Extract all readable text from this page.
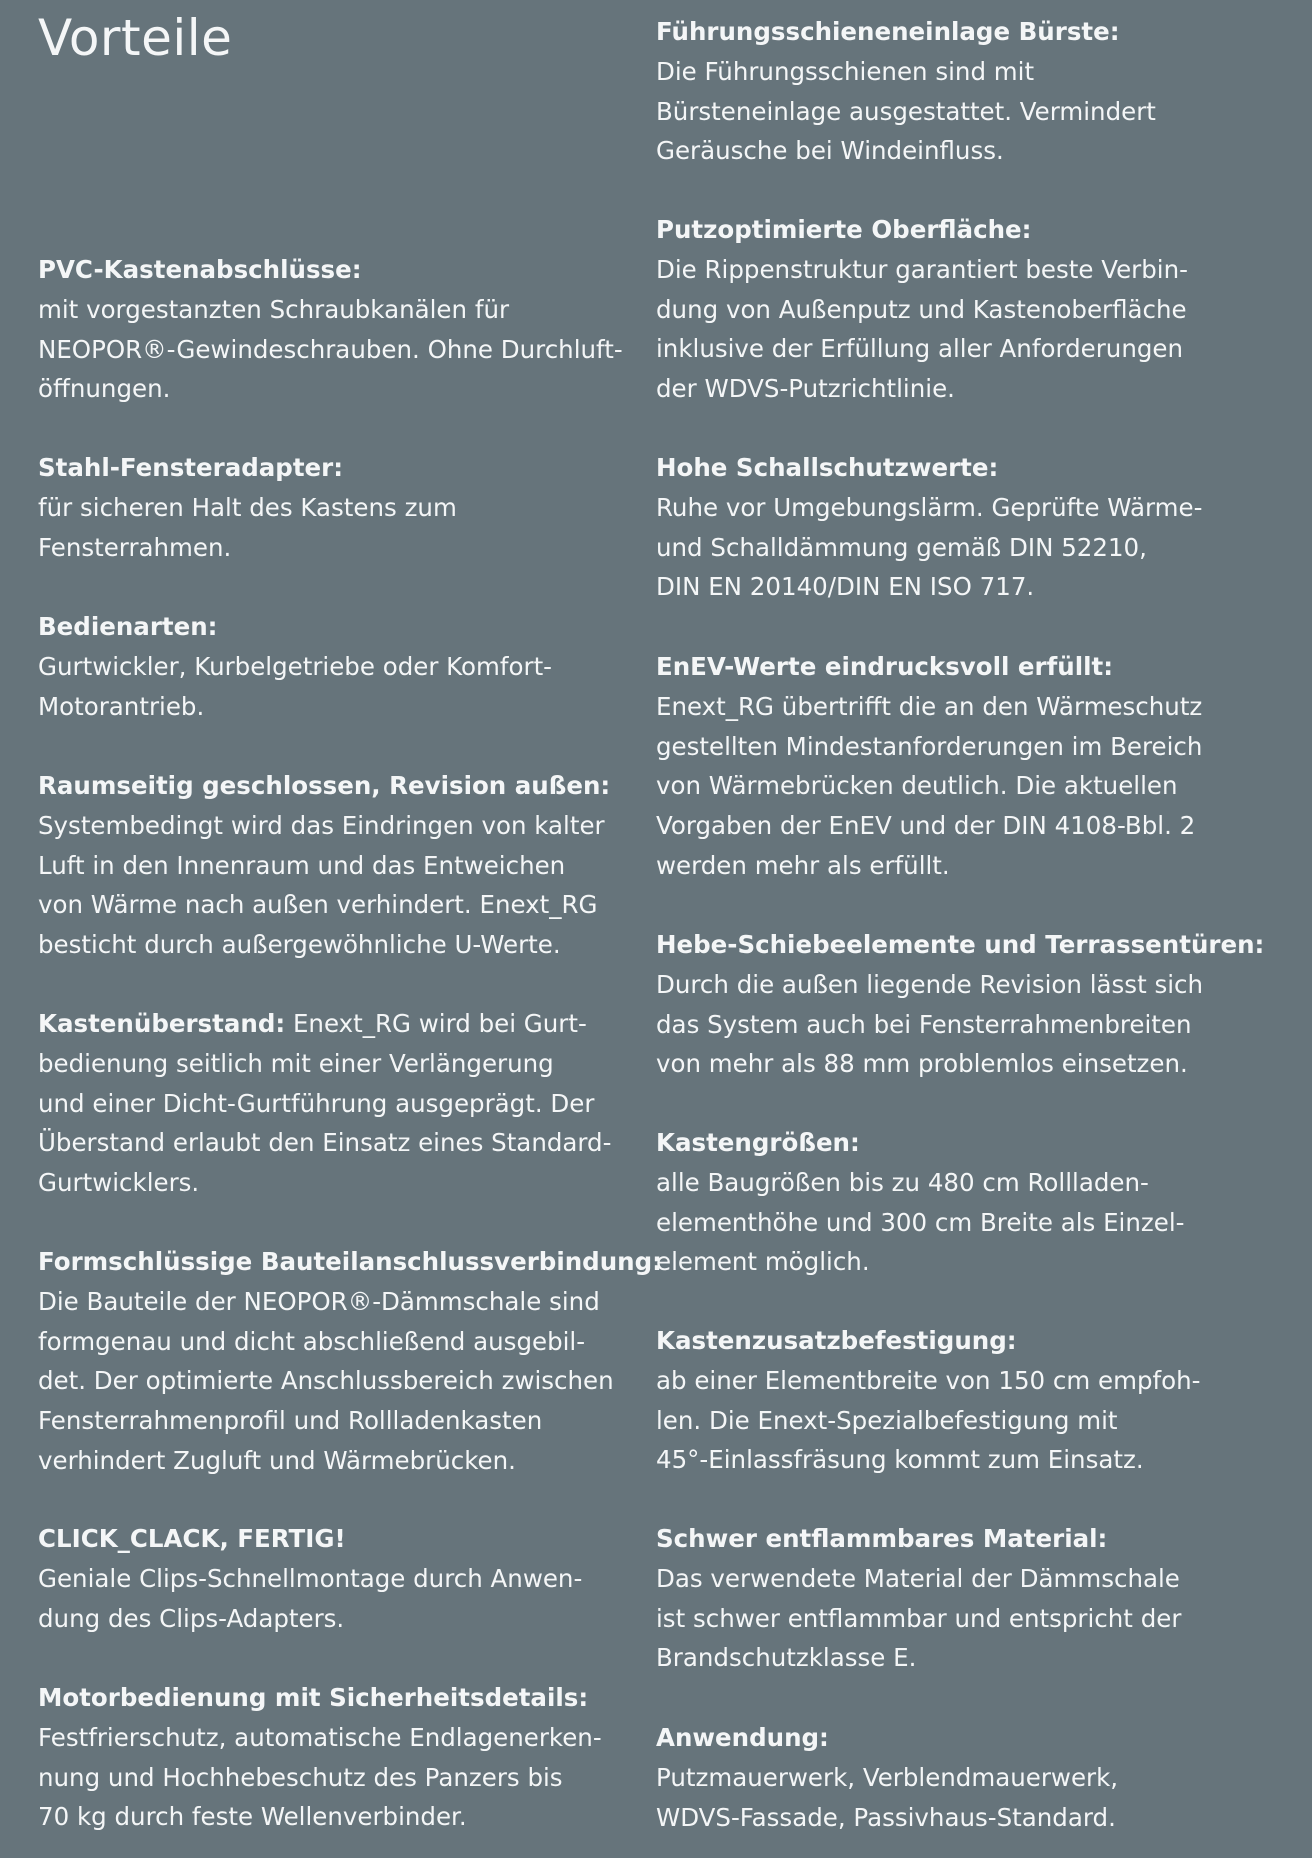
Vorteile
PVC-Kastenabschlüsse:
mit vorgestanzten Schraubkanälen für
NEOPOR®-Gewindeschrauben. Ohne Durchluft-
öffnungen.
Stahl-Fensteradapter:
für sicheren Halt des Kastens zum
Fensterrahmen.
Bedienarten:
Gurtwickler, Kurbelgetriebe oder Komfort-
Motorantrieb.
Raumseitig geschlossen, Revision außen:
Systembedingt wird das Eindringen von kalter
Luft in den Innenraum und das Entweichen
von Wärme nach außen verhindert. Enext_RG
besticht durch außergewöhnliche U-Werte.
Kastenüberstand: Enext_RG wird bei Gurt-
bedienung seitlich mit einer Verlängerung
und einer Dicht-Gurtführung ausgeprägt. Der
Überstand erlaubt den Einsatz eines Standard-
Gurtwicklers.
Formschlüssige Bauteilanschlussverbindung:
Die Bauteile der NEOPOR®-Dämmschale sind
formgenau und dicht abschließend ausgebil-
det. Der optimierte Anschlussbereich zwischen
Fensterrahmenprofil und Rollladenkasten
verhindert Zugluft und Wärmebrücken.
CLICK_CLACK, FERTIG!
Geniale Clips-Schnellmontage durch Anwen-
dung des Clips-Adapters.
Motorbedienung mit Sicherheitsdetails:
Festfrierschutz, automatische Endlagenerken-
nung und Hochhebeschutz des Panzers bis
70 kg durch feste Wellenverbinder.
Führungsschieneneinlage Bürste:
Die Führungsschienen sind mit
Bürsteneinlage ausgestattet. Vermindert
Geräusche bei Windeinfluss.
Putzoptimierte Oberfläche:
Die Rippenstruktur garantiert beste Verbin-
dung von Außenputz und Kastenoberfläche
inklusive der Erfüllung aller Anforderungen
der WDVS-Putzrichtlinie.
Hohe Schallschutzwerte:
Ruhe vor Umgebungslärm. Geprüfte Wärme-
und Schalldämmung gemäß DIN 52210,
DIN EN 20140/DIN EN ISO 717.
EnEV-Werte eindrucksvoll erfüllt:
Enext_RG übertrifft die an den Wärmeschutz
gestellten Mindestanforderungen im Bereich
von Wärmebrücken deutlich. Die aktuellen
Vorgaben der EnEV und der DIN 4108-Bbl. 2
werden mehr als erfüllt.
Hebe-Schiebeelemente und Terrassentüren:
Durch die außen liegende Revision lässt sich
das System auch bei Fensterrahmenbreiten
von mehr als 88 mm problemlos einsetzen.
Kastengrößen:
alle Baugrößen bis zu 480 cm Rollladen-
elementhöhe und 300 cm Breite als Einzel-
element möglich.
Kastenzusatzbefestigung:
ab einer Elementbreite von 150 cm empfoh-
len. Die Enext-Spezialbefestigung mit
45°-Einlassfräsung kommt zum Einsatz.
Schwer entflammbares Material:
Das verwendete Material der Dämmschale
ist schwer entflammbar und entspricht der
Brandschutzklasse E.
Anwendung:
Putzmauerwerk, Verblendmauerwerk,
WDVS-Fassade, Passivhaus-Standard.
